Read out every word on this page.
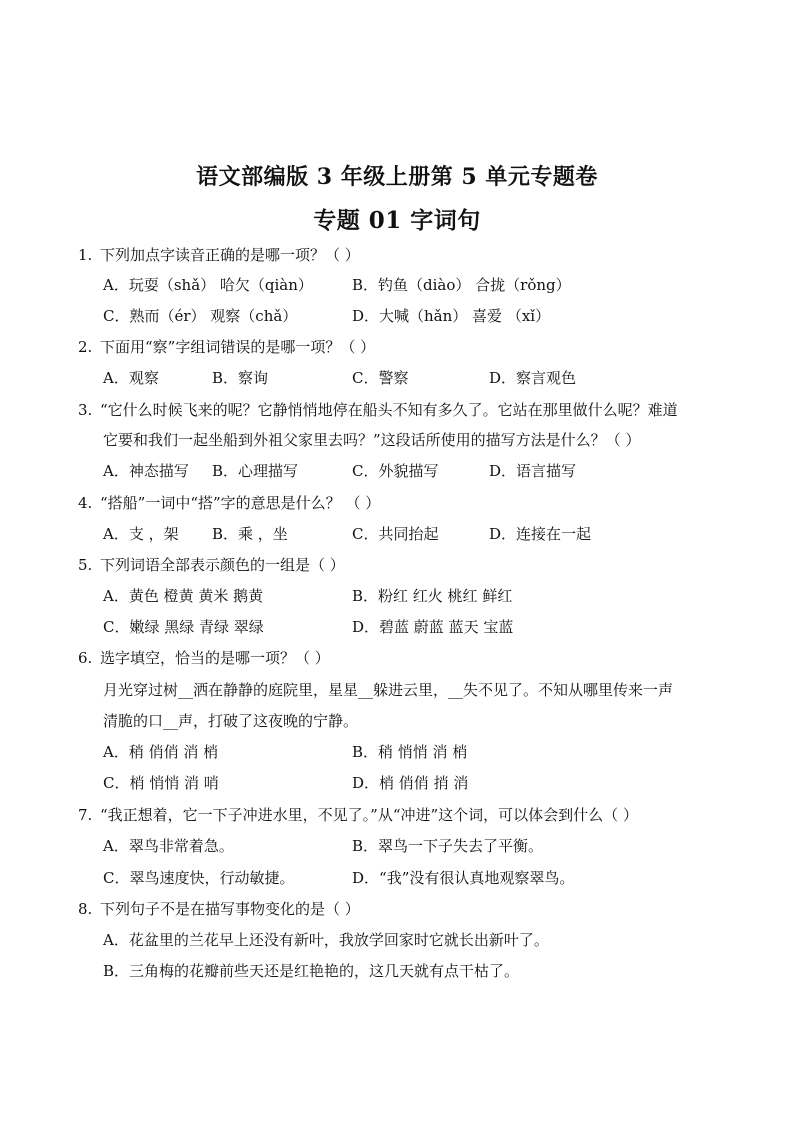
语文部编版 3 年级上册第 5 单元专题卷
专题 01 字词句
1. 下列加点字读音正确的是哪一项？（ ）
A．玩耍（shǎ） 哈欠（qiàn）	B．钓鱼（diào） 合拢（rǒng）
C．熟而（ér） 观察（chǎ）	D．大喊（hǎn） 喜爱 （xǐ）
2. 下面用“察”字组词错误的是哪一项？（ ）
A．观察	B．察询	C．警察	D．察言观色
3. “它什么时候飞来的呢？它静悄悄地停在船头不知有多久了。它站在那里做什么呢？难道
它要和我们一起坐船到外祖父家里去吗？”这段话所使用的描写方法是什么？（ ）
A．神态描写 B．心理描写	C．外貌描写	D．语言描写
4. “搭船”一词中“搭”字的意思是什么？ （ ）
A．支 ，架 B．乘 ，坐	C．共同抬起	D．连接在一起
5. 下列词语全部表示颜色的一组是（ ）
A．黄色 橙黄 黄米 鹅黄	B．粉红 红火 桃红 鲜红
C．嫩绿 黑绿 青绿 翠绿	D．碧蓝 蔚蓝 蓝天 宝蓝
6. 选字填空，恰当的是哪一项？（ ）
月光穿过树__洒在静静的庭院里，星星__躲进云里，__失不见了。不知从哪里传来一声
清脆的口__声，打破了这夜晚的宁静。
A．稍 俏俏 消 梢	B．稍 悄悄 消 梢
C．梢 悄悄 消 哨	D．梢 俏俏 捎 消
7. “我正想着，它一下子冲进水里，不见了。”从“冲进”这个词，可以体会到什么（ ）
A．翠鸟非常着急。	B．翠鸟一下子失去了平衡。
C．翠鸟速度快，行动敏捷。	D．“我”没有很认真地观察翠鸟。
8. 下列句子不是在描写事物变化的是（ ）
A．花盆里的兰花早上还没有新叶，我放学回家时它就长出新叶了。
B．三角梅的花瓣前些天还是红艳艳的，这几天就有点干枯了。
